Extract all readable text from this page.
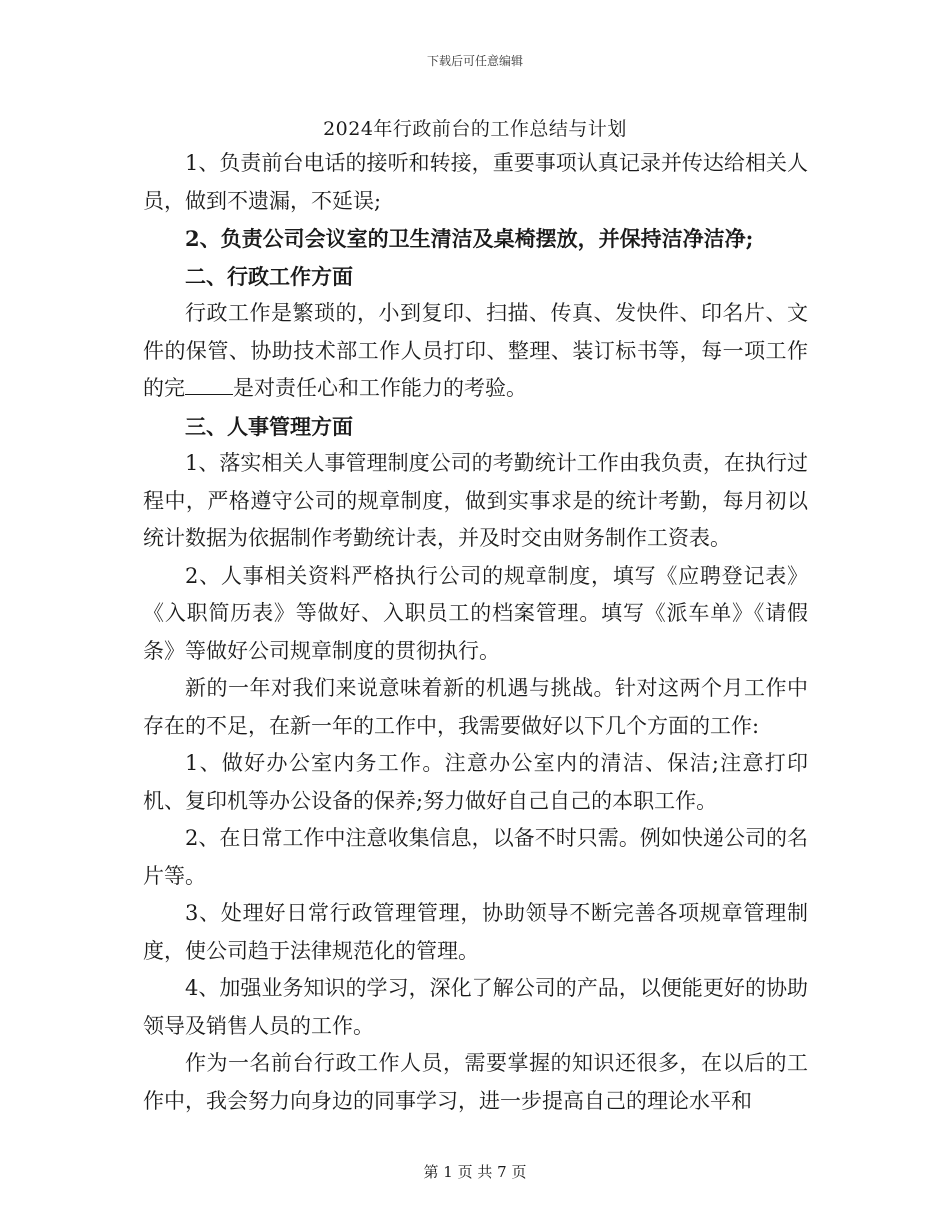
下载后可任意编辑
2024年行政前台的工作总结与计划

1、负责前台电话的接听和转接，重要事项认真记录并传达给相关人员，做到不遗漏，不延误;

2、负责公司会议室的卫生清洁及桌椅摆放，并保持洁净洁净;

二、行政工作方面

行政工作是繁琐的，小到复印、扫描、传真、发快件、印名片、文件的保管、协助技术部工作人员打印、整理、装订标书等，每一项工作的完 是对责任心和工作能力的考验。

三、人事管理方面

1、落实相关人事管理制度公司的考勤统计工作由我负责，在执行过程中，严格遵守公司的规章制度，做到实事求是的统计考勤，每月初以统计数据为依据制作考勤统计表，并及时交由财务制作工资表。

2、人事相关资料严格执行公司的规章制度，填写《应聘登记表》《入职简历表》等做好、入职员工的档案管理。填写《派车单》《请假条》等做好公司规章制度的贯彻执行。

新的一年对我们来说意味着新的机遇与挑战。针对这两个月工作中存在的不足，在新一年的工作中，我需要做好以下几个方面的工作:

1、做好办公室内务工作。注意办公室内的清洁、保洁;注意打印机、复印机等办公设备的保养;努力做好自己自己的本职工作。

2、在日常工作中注意收集信息，以备不时只需。例如快递公司的名片等。

3、处理好日常行政管理管理，协助领导不断完善各项规章管理制度，使公司趋于法律规范化的管理。

4、加强业务知识的学习，深化了解公司的产品，以便能更好的协助领导及销售人员的工作。

作为一名前台行政工作人员，需要掌握的知识还很多，在以后的工作中，我会努力向身边的同事学习，进一步提高自己的理论水平和

第 1 页 共 7 页
